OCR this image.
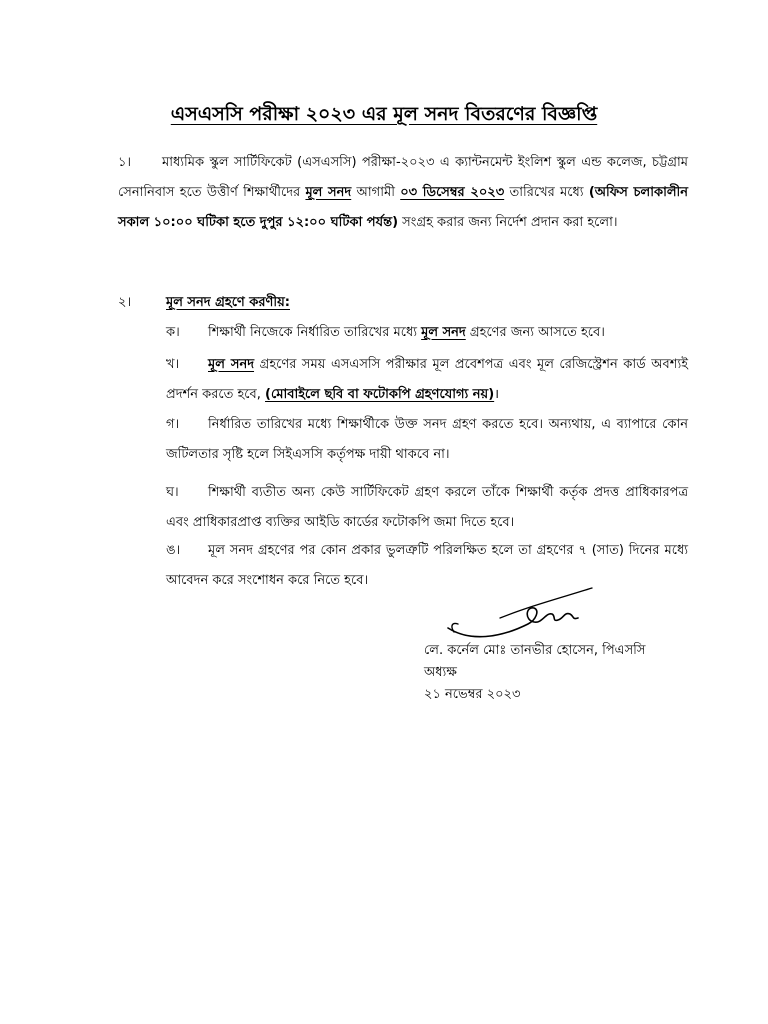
এসএসসি পরীক্ষা ২০২৩ এর মূল সনদ বিতরণের বিজ্ঞপ্তি
১।	মাধ্যমিক স্কুল সার্টিফিকেট (এসএসসি) পরীক্ষা-২০২৩ এ ক্যান্টনমেন্ট ইংলিশ স্কুল এন্ড কলেজ, চট্টগ্রাম সেনানিবাস হতে উত্তীর্ণ শিক্ষার্থীদের মূল সনদ আগামী ০৩ ডিসেম্বর ২০২৩ তারিখের মধ্যে (অফিস চলাকালীন সকাল ১০:০০ ঘটিকা হতে দুপুর ১২:০০ ঘটিকা পর্যন্ত) সংগ্রহ করার জন্য নির্দেশ প্রদান করা হলো।
২।	মূল সনদ গ্রহণে করণীয়:
ক। শিক্ষার্থী নিজেকে নির্ধারিত তারিখের মধ্যে মূল সনদ গ্রহণের জন্য আসতে হবে।
খ।	মূল সনদ গ্রহণের সময় এসএসসি পরীক্ষার মূল প্রবেশপত্র এবং মূল রেজিস্ট্রেশন কার্ড অবশ্যই প্রদর্শন করতে হবে, (মোবাইলে ছবি বা ফটোকপি গ্রহণযোগ্য নয়)।
গ।	নির্ধারিত তারিখের মধ্যে শিক্ষার্থীকে উক্ত সনদ গ্রহণ করতে হবে। অন্যথায়, এ ব্যাপারে কোন জটিলতার সৃষ্টি হলে সিইএসসি কর্তৃপক্ষ দায়ী থাকবে না।
ঘ।	শিক্ষার্থী ব্যতীত অন্য কেউ সার্টিফিকেট গ্রহণ করলে তাঁকে শিক্ষার্থী কর্তৃক প্রদত্ত প্রাধিকারপত্র এবং প্রাধিকারপ্রাপ্ত ব্যক্তির আইডি কার্ডের ফটোকপি জমা দিতে হবে।
ঙ।	মূল সনদ গ্রহণের পর কোন প্রকার ভুলত্রুটি পরিলক্ষিত হলে তা গ্রহণের ৭ (সাত) দিনের মধ্যে আবেদন করে সংশোধন করে নিতে হবে।
লে. কর্নেল মোঃ তানভীর হোসেন, পিএসসি
অধ্যক্ষ
২১ নভেম্বর ২০২৩
